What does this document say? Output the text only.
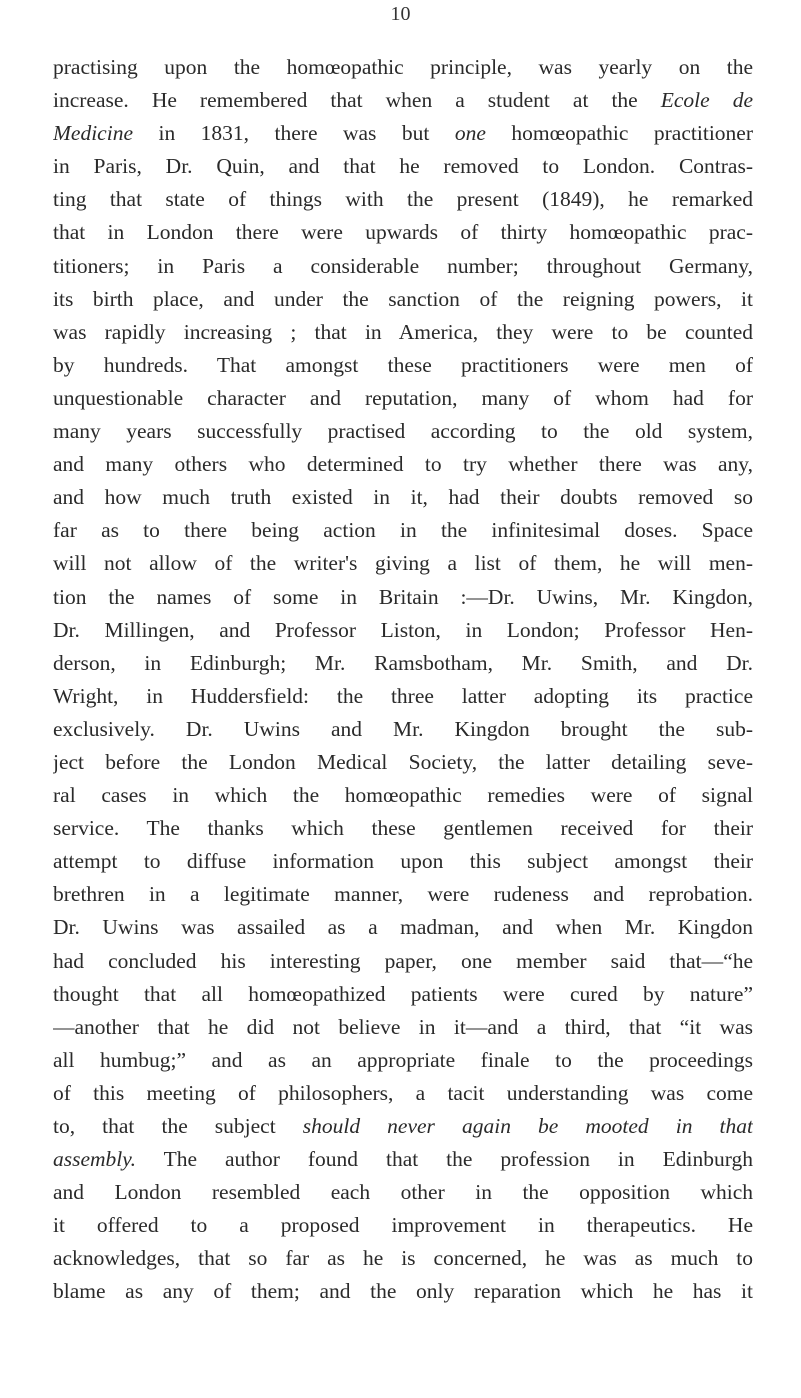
10
practising upon the homœopathic principle, was yearly on the
increase. He remembered that when a student at the Ecole de
Medicine in 1831, there was but one homœopathic practitioner
in Paris, Dr. Quin, and that he removed to London. Contras-
ting that state of things with the present (1849), he remarked
that in London there were upwards of thirty homœopathic prac-
titioners; in Paris a considerable number; throughout Germany,
its birth place, and under the sanction of the reigning powers, it
was rapidly increasing ; that in America, they were to be counted
by hundreds. That amongst these practitioners were men of
unquestionable character and reputation, many of whom had for
many years successfully practised according to the old system,
and many others who determined to try whether there was any,
and how much truth existed in it, had their doubts removed so
far as to there being action in the infinitesimal doses. Space
will not allow of the writer's giving a list of them, he will men-
tion the names of some in Britain :—Dr. Uwins, Mr. Kingdon,
Dr. Millingen, and Professor Liston, in London; Professor Hen-
derson, in Edinburgh; Mr. Ramsbotham, Mr. Smith, and Dr.
Wright, in Huddersfield: the three latter adopting its practice
exclusively. Dr. Uwins and Mr. Kingdon brought the sub-
ject before the London Medical Society, the latter detailing seve-
ral cases in which the homœopathic remedies were of signal
service. The thanks which these gentlemen received for their
attempt to diffuse information upon this subject amongst their
brethren in a legitimate manner, were rudeness and reprobation.
Dr. Uwins was assailed as a madman, and when Mr. Kingdon
had concluded his interesting paper, one member said that—“he
thought that all homœopathized patients were cured by nature”
—another that he did not believe in it—and a third, that “it was
all humbug;” and as an appropriate finale to the proceedings
of this meeting of philosophers, a tacit understanding was come
to, that the subject should never again be mooted in that
assembly. The author found that the profession in Edinburgh
and London resembled each other in the opposition which
it offered to a proposed improvement in therapeutics. He
acknowledges, that so far as he is concerned, he was as much to
blame as any of them; and the only reparation which he has it
